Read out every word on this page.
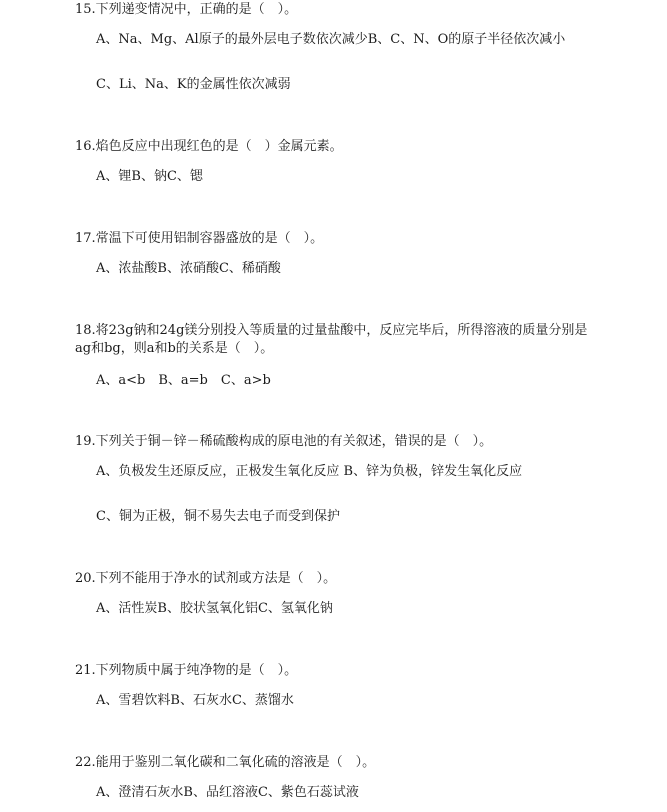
15.下列递变情况中，正确的是（　）。
A、Na、Mg、Al原子的最外层电子数依次减少B、C、N、O的原子半径依次减小
C、Li、Na、K的金属性依次减弱
16.焰色反应中出现红色的是（　）金属元素。
A、锂B、钠C、锶
17.常温下可使用铝制容器盛放的是（　）。
A、浓盐酸B、浓硝酸C、稀硝酸
18.将23g钠和24g镁分别投入等质量的过量盐酸中，反应完毕后，所得溶液的质量分别是ag和bg，则a和b的关系是（　）。
A、a<b　B、a=b　C、a>b
19.下列关于铜－锌－稀硫酸构成的原电池的有关叙述，错误的是（　）。
A、负极发生还原反应，正极发生氧化反应 B、锌为负极，锌发生氧化反应
C、铜为正极，铜不易失去电子而受到保护
20.下列不能用于净水的试剂或方法是（　）。
A、活性炭B、胶状氢氧化铝C、氢氧化钠
21.下列物质中属于纯净物的是（　）。
A、雪碧饮料B、石灰水C、蒸馏水
22.能用于鉴别二氧化碳和二氧化硫的溶液是（　）。
A、澄清石灰水B、品红溶液C、紫色石蕊试液
